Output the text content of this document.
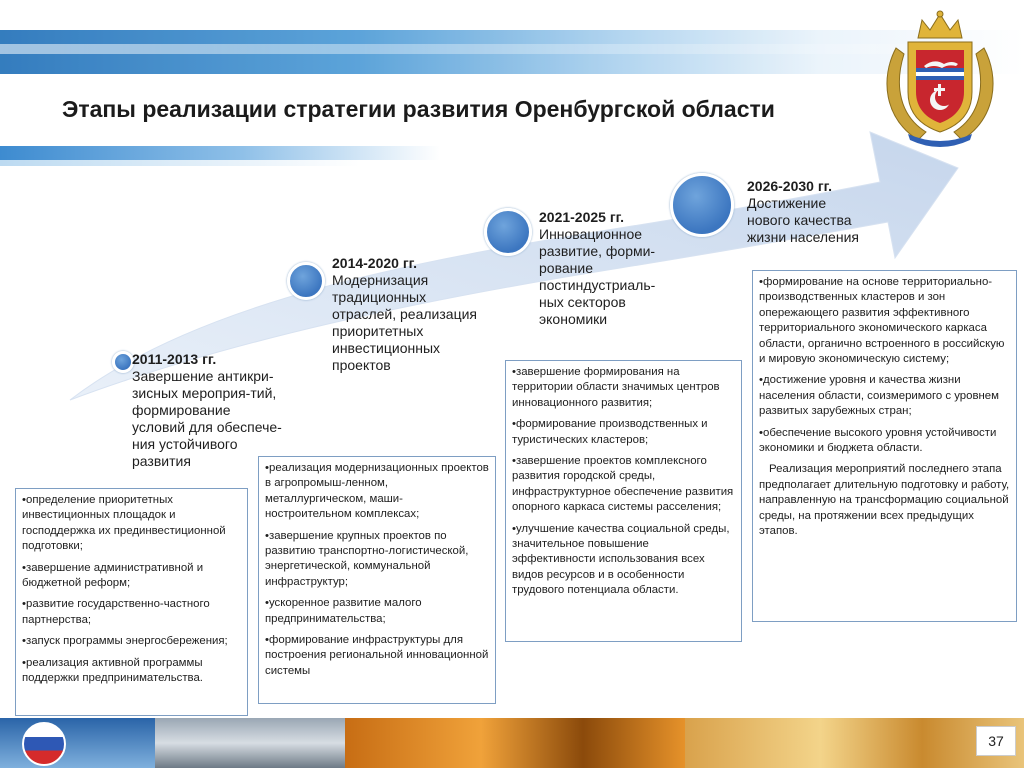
Этапы реализации стратегии развития Оренбургской области
2011-2013 гг.
Завершение антикри-
зисных мероприя-тий,
формирование
условий для обеспече-
ния устойчивого
развития
2014-2020 гг.
Модернизация
традиционных
отраслей, реализация
приоритетных
инвестиционных
проектов
2021-2025 гг.
Инновационное
развитие, форми-
рование
постиндустриаль-
ных секторов
экономики
2026-2030 гг.
Достижение
нового качества
жизни населения
•определение приоритетных инвестиционных площадок и господдержка их прединвестиционной подготовки;
•завершение административной и бюджетной реформ;
•развитие государственно-частного партнерства;
•запуск программы энергосбережения;
•реализация активной программы поддержки предпринимательства.
•реализация модернизационных проектов в агропромыш-ленном, металлургическом, маши-ностроительном комплексах;
•завершение крупных проектов по развитию транспортно-логистической, энергетической, коммунальной инфраструктур;
•ускоренное развитие малого предпринимательства;
•формирование инфраструктуры для построения региональной инновационной системы
•завершение формирования на территории области значимых центров инновационного развития;
•формирование производственных и туристических кластеров;
•завершение проектов комплексного развития городской среды, инфраструктурное обеспечение развития опорного каркаса системы расселения;
•улучшение качества социальной среды, значительное повышение эффективности использования всех видов ресурсов и в особенности трудового потенциала области.
•формирование на основе территориально-производственных кластеров и зон опережающего развития эффективного территориального экономического каркаса области, органично встроенного в российскую и мировую экономическую систему;
•достижение уровня и качества жизни населения области, соизмеримого с уровнем развитых зарубежных стран;
•обеспечение высокого уровня устойчивости экономики и бюджета области.
Реализация мероприятий последнего этапа предполагает длительную подготовку и работу, направленную на трансформацию социальной среды, на протяжении всех предыдущих этапов.
37
